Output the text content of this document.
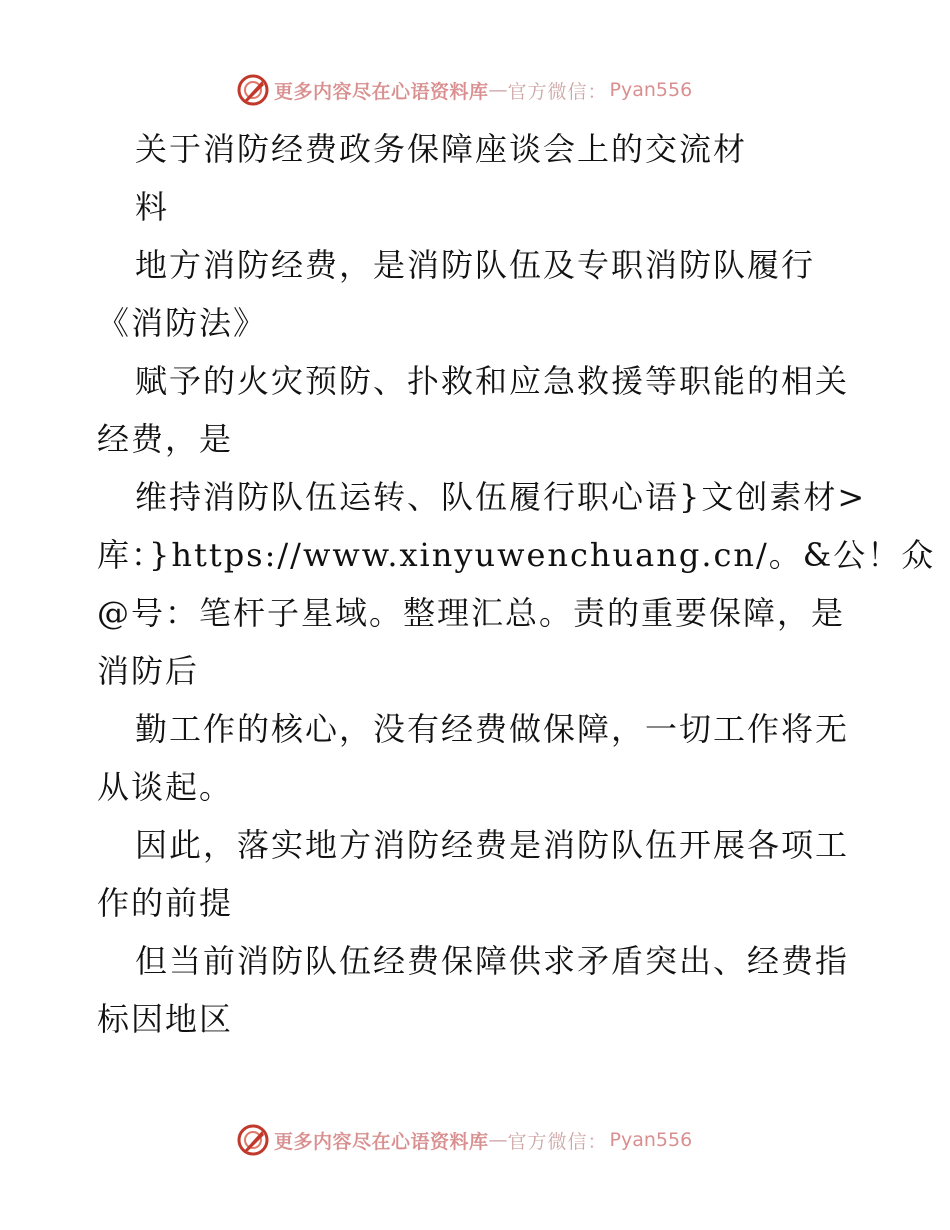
更多内容尽在心语资料库 — 官方微信： Pyan556
关于消防经费政务保障座谈会上的交流材
料
地方消防经费，是消防队伍及专职消防队履行
《消防法》
赋予的火灾预防、扑救和应急救援等职能的相关
经费，是
维持消防队伍运转、队伍履行职心语}文创素材>
库：}https://www.xinyuwenchuang.cn/。&公！众
@号：笔杆子星域。整理汇总。责的重要保障，是
消防后
勤工作的核心，没有经费做保障，一切工作将无
从谈起。
因此，落实地方消防经费是消防队伍开展各项工
作的前提
但当前消防队伍经费保障供求矛盾突出、经费指
标因地区
更多内容尽在心语资料库 — 官方微信： Pyan556
